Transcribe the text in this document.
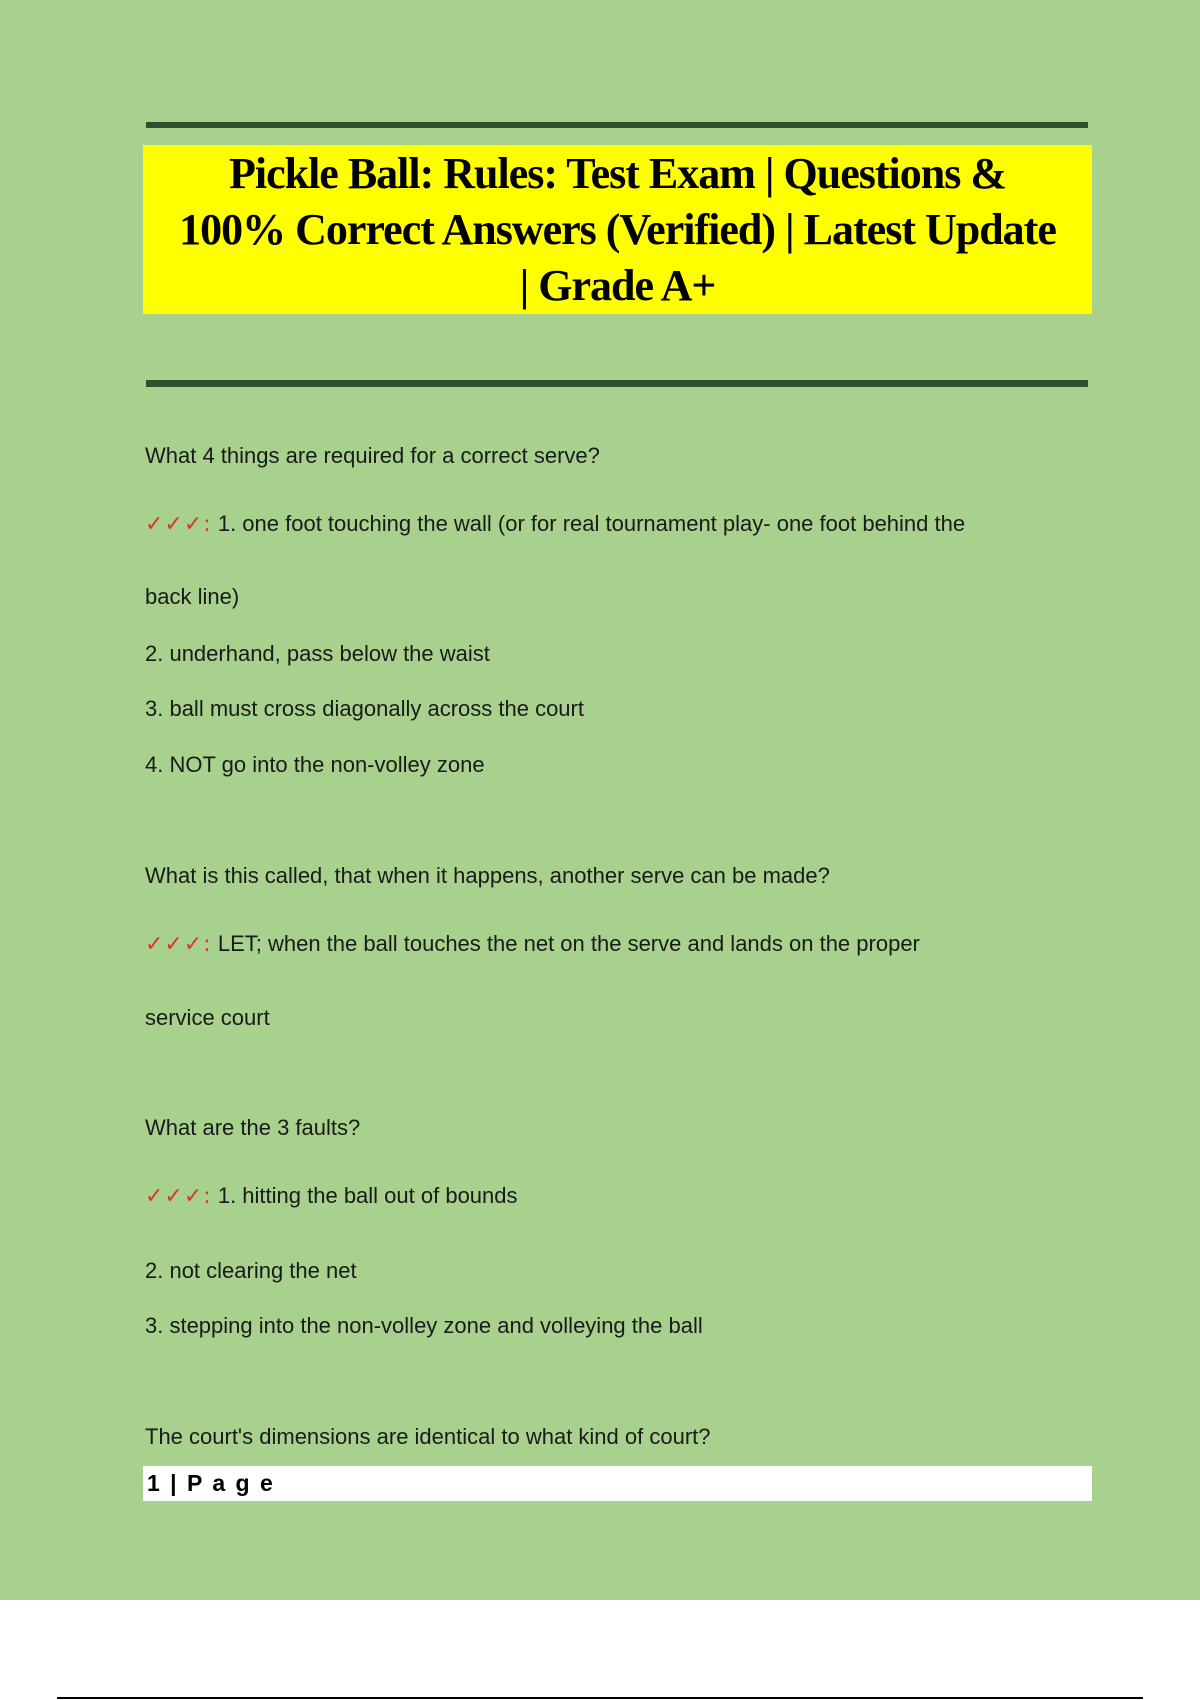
Pickle Ball: Rules: Test Exam | Questions & 100% Correct Answers (Verified) | Latest Update | Grade A+

What 4 things are required for a correct serve?

✓✓✓: 1. one foot touching the wall (or for real tournament play- one foot behind the

back line)

2. underhand, pass below the waist

3. ball must cross diagonally across the court

4. NOT go into the non-volley zone

What is this called, that when it happens, another serve can be made?

✓✓✓: LET; when the ball touches the net on the serve and lands on the proper

service court

What are the 3 faults?

✓✓✓: 1. hitting the ball out of bounds

2. not clearing the net

3. stepping into the non-volley zone and volleying the ball

The court's dimensions are identical to what kind of court?

1 | P a g e
